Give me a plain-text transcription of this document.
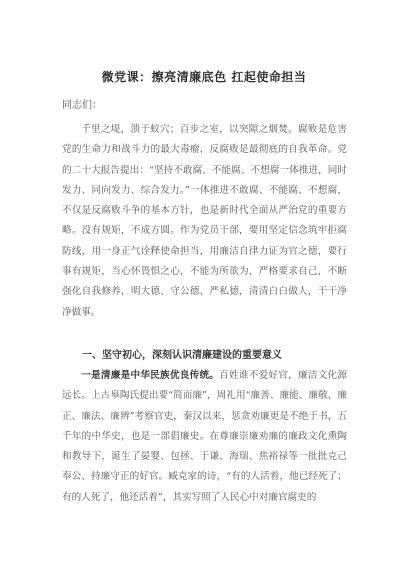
微党课：擦亮清廉底色 扛起使命担当
同志们：

千里之堤，溃于蚁穴；百步之室，以突隙之烟焚。腐败是危害党的生命力和战斗力的最大毒瘤，反腐败是最彻底的自我革命。党的二十大报告提出：“坚持不敢腐、不能腐、不想腐一体推进，同时发力、同向发力、综合发力。”一体推进不敢腐、不能腐、不想腐，不仅是反腐败斗争的基本方针，也是新时代全面从严治党的重要方略。没有规矩，不成方圆。作为党员干部，要用坚定信念筑牢拒腐防线，用一身正气诠释使命担当，用廉洁自律力证为官之德，要行事有规矩，当心怀畏惧之心，不能为所欲为，严格要求自己，不断强化自我修养，明大德、守公德、严私德，清清白白做人，干干净净做事。

一、坚守初心，深刻认识清廉建设的重要意义

一是清廉是中华民族优良传统。百姓谁不爱好官，廉洁文化源远长。上古皋陶氏提出要“简而廉”，周礼用“廉善、廉能、廉敬、廉正、廉法、廉辨”考察官吏，秦汉以来，惩贪劝廉更是不绝于书，五千年的中华史，也是一部倡廉史。在尊廉崇廉劝廉的廉政文化熏陶和教导下，诞生了晏婴、包拯、于谦、海瑞、焦裕禄等一批批克己奉公、持廉守正的好官。臧克家的诗，“有的人活着，他已经死了；有的人死了，他还活着”，其实写照了人民心中对廉官腐吏的
